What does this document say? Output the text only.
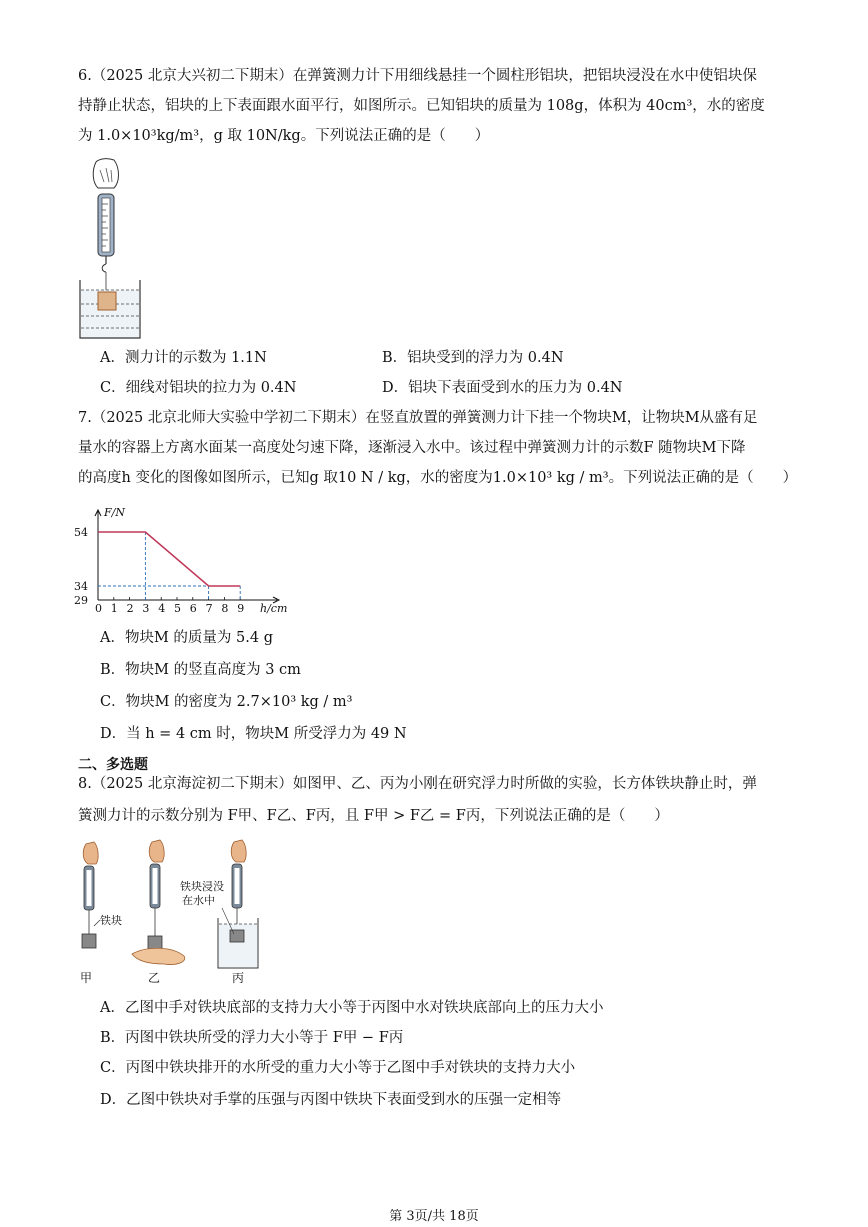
6.（2025 北京大兴初二下期末）在弹簧测力计下用细线悬挂一个圆柱形铝块，把铝块浸没在水中使铝块保
持静止状态，铝块的上下表面跟水面平行，如图所示。已知铝块的质量为 108g，体积为 40cm³，水的密度
为 1.0×10³kg/m³，g 取 10N/kg。下列说法正确的是（　　）
A．测力计的示数为 1.1N	B．铝块受到的浮力为 0.4N
C．细线对铝块的拉力为 0.4N	D．铝块下表面受到水的压力为 0.4N
7.（2025 北京北师大实验中学初二下期末）在竖直放置的弹簧测力计下挂一个物块M，让物块M从盛有足
量水的容器上方离水面某一高度处匀速下降，逐渐浸入水中。该过程中弹簧测力计的示数F 随物块M下降
的高度h 变化的图像如图所示，已知g 取10 N / kg，水的密度为1.0×10³ kg / m³。下列说法正确的是（　　）
F/N
h/cm
0 1 2 3 4 5 6 7 8 9
54
34
29
A．物块M 的质量为 5.4 g
B．物块M 的竖直高度为 3 cm
C．物块M 的密度为 2.7×10³ kg / m³
D．当 h = 4 cm 时，物块M 所受浮力为 49 N
二、多选题
8.（2025 北京海淀初二下期末）如图甲、乙、丙为小刚在研究浮力时所做的实验，长方体铁块静止时，弹
簧测力计的示数分别为 F甲、F乙、F丙，且 F甲 > F乙 = F丙，下列说法正确的是（　　）
铁块
铁块浸没
在水中
甲	乙	丙
A．乙图中手对铁块底部的支持力大小等于丙图中水对铁块底部向上的压力大小
B．丙图中铁块所受的浮力大小等于 F甲 − F丙
C．丙图中铁块排开的水所受的重力大小等于乙图中手对铁块的支持力大小
D．乙图中铁块对手掌的压强与丙图中铁块下表面受到水的压强一定相等
第 3页/共 18页
